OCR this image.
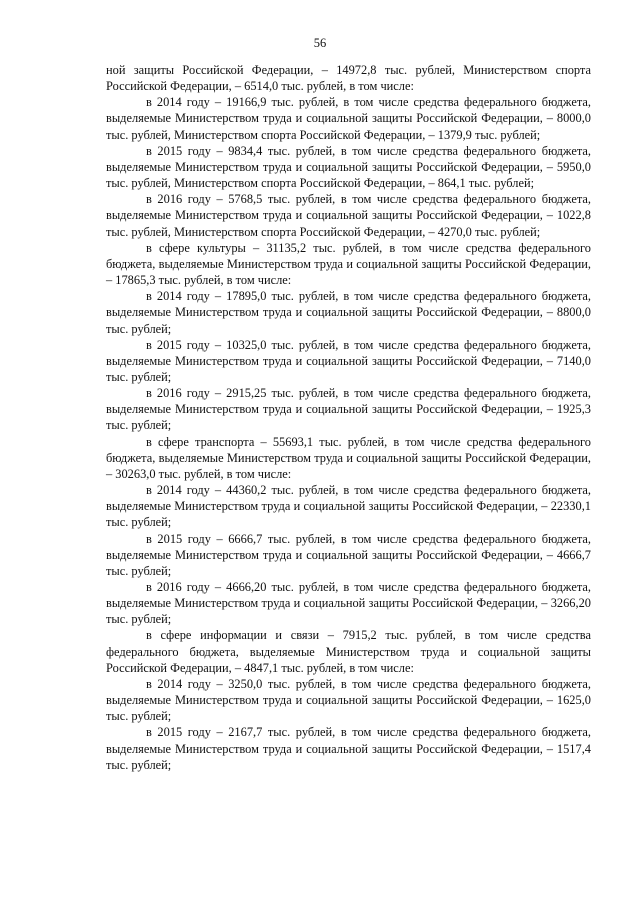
56

ной защиты Российской Федерации, – 14972,8 тыс. рублей, Министерством спорта Российской Федерации, – 6514,0 тыс. рублей, в том числе:

в 2014 году – 19166,9 тыс. рублей, в том числе средства федерального бюджета, выделяемые Министерством труда и социальной защиты Российской Федерации, – 8000,0 тыс. рублей, Министерством спорта Российской Федерации, – 1379,9 тыс. рублей;

в 2015 году – 9834,4 тыс. рублей, в том числе средства федерального бюджета, выделяемые Министерством труда и социальной защиты Российской Федерации, – 5950,0 тыс. рублей, Министерством спорта Российской Федерации, – 864,1 тыс. рублей;

в 2016 году – 5768,5 тыс. рублей, в том числе средства федерального бюджета, выделяемые Министерством труда и социальной защиты Российской Федерации, – 1022,8 тыс. рублей, Министерством спорта Российской Федерации, – 4270,0 тыс. рублей;

в сфере культуры – 31135,2 тыс. рублей, в том числе средства федерального бюджета, выделяемые Министерством труда и социальной защиты Российской Федерации, – 17865,3 тыс. рублей, в том числе:

в 2014 году – 17895,0 тыс. рублей, в том числе средства федерального бюджета, выделяемые Министерством труда и социальной защиты Российской Федерации, – 8800,0 тыс. рублей;

в 2015 году – 10325,0 тыс. рублей, в том числе средства федерального бюджета, выделяемые Министерством труда и социальной защиты Российской Федерации, – 7140,0 тыс. рублей;

в 2016 году – 2915,25 тыс. рублей, в том числе средства федерального бюджета, выделяемые Министерством труда и социальной защиты Российской Федерации, – 1925,3 тыс. рублей;

в сфере транспорта – 55693,1 тыс. рублей, в том числе средства федерального бюджета, выделяемые Министерством труда и социальной защиты Российской Федерации, – 30263,0 тыс. рублей, в том числе:

в 2014 году – 44360,2 тыс. рублей, в том числе средства федерального бюджета, выделяемые Министерством труда и социальной защиты Российской Федерации, – 22330,1 тыс. рублей;

в 2015 году – 6666,7 тыс. рублей, в том числе средства федерального бюджета, выделяемые Министерством труда и социальной защиты Российской Федерации, – 4666,7 тыс. рублей;

в 2016 году – 4666,20 тыс. рублей, в том числе средства федерального бюджета, выделяемые Министерством труда и социальной защиты Российской Федерации, – 3266,20 тыс. рублей;

в сфере информации и связи – 7915,2 тыс. рублей, в том числе средства федерального бюджета, выделяемые Министерством труда и социальной защиты Российской Федерации, – 4847,1 тыс. рублей, в том числе:

в 2014 году – 3250,0 тыс. рублей, в том числе средства федерального бюджета, выделяемые Министерством труда и социальной защиты Российской Федерации, – 1625,0 тыс. рублей;

в 2015 году – 2167,7 тыс. рублей, в том числе средства федерального бюджета, выделяемые Министерством труда и социальной защиты Российской Федерации, – 1517,4 тыс. рублей;
